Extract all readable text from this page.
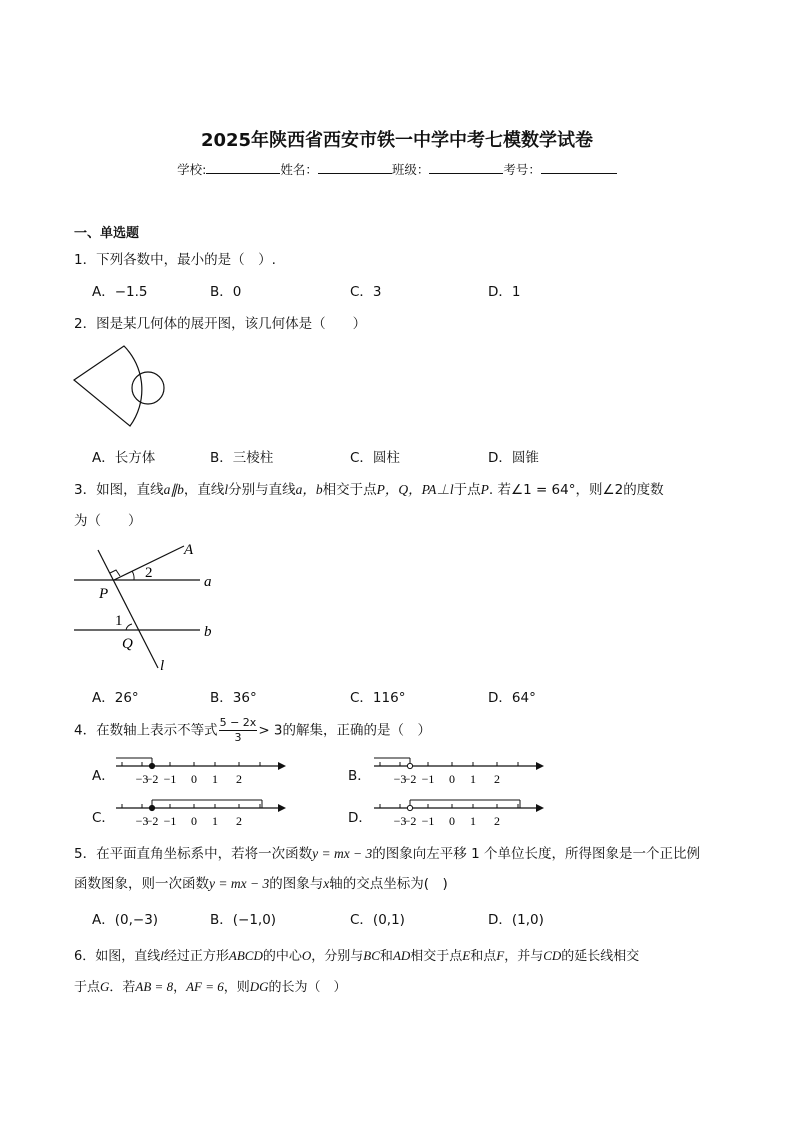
2025年陕西省西安市铁一中学中考七模数学试卷
学校:	姓名：	班级：	考号：
一、单选题
1．下列各数中，最小的是（　）.
A．−1.5	B．0	C．3	D．1
2．图是某几何体的展开图，该几何体是（　　）
A．长方体	B．三棱柱	C．圆柱	D．圆锥
3．如图，直线a∥b，直线l分别与直线a，b相交于点P，Q，PA⊥l于点P. 若∠1 = 64°，则∠2的度数
为（　　）
A
2
a
P
1
Q
b
l
A．26°	B．36°	C．116°	D．64°
4．在数轴上表示不等式 $\frac{5 - 2x}{3} > 3$的解集，正确的是（　）
A．	B．
C．	D．
−3
−2 −1 0 1 2	−3
−2 −1 0 1 2
−3
−2 −1 0 1 2	−3
−2 −1 0 1 2
5．在平面直角坐标系中，若将一次函数y = mx − 3的图象向左平移 1 个单位长度，所得图象是一个正比例
函数图象，则一次函数y = mx − 3的图象与x轴的交点坐标为(　)
A．(0,−3)	B．(−1,0)	C．(0,1)	D．(1,0)
6．如图，直线l经过正方形ABCD的中心O，分别与BC和AD相交于点E和点F，并与CD的延长线相交
于点G．若AB = 8，AF = 6，则DG的长为（　）
